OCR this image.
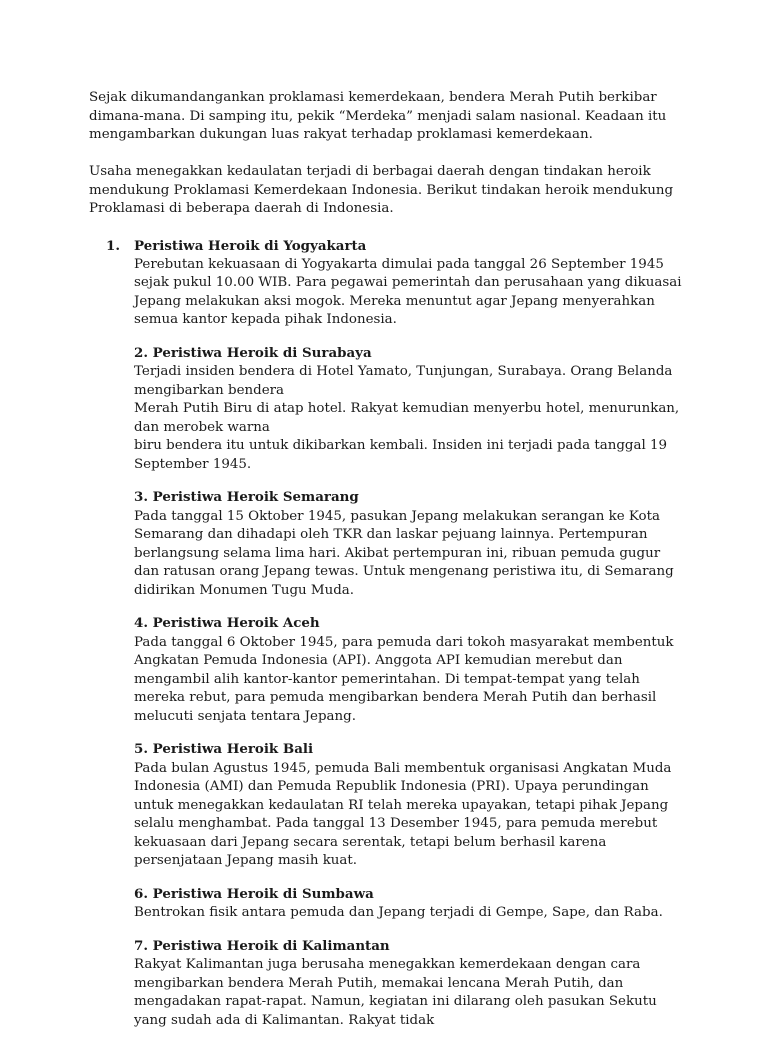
Sejak dikumandangankan proklamasi kemerdekaan, bendera Merah Putih berkibar dimana-mana. Di samping itu, pekik “Merdeka” menjadi salam nasional. Keadaan itu mengambarkan dukungan luas rakyat terhadap proklamasi kemerdekaan.

Usaha menegakkan kedaulatan terjadi di berbagai daerah dengan tindakan heroik mendukung Proklamasi Kemerdekaan Indonesia. Berikut tindakan heroik mendukung Proklamasi di beberapa daerah di Indonesia.

1. Peristiwa Heroik di Yogyakarta
Perebutan kekuasaan di Yogyakarta dimulai pada tanggal 26 September 1945 sejak pukul 10.00 WIB. Para pegawai pemerintah dan perusahaan yang dikuasai Jepang melakukan aksi mogok. Mereka menuntut agar Jepang menyerahkan semua kantor kepada pihak Indonesia.
2. Peristiwa Heroik di Surabaya
Terjadi insiden bendera di Hotel Yamato, Tunjungan, Surabaya. Orang Belanda mengibarkan bendera
Merah Putih Biru di atap hotel. Rakyat kemudian menyerbu hotel, menurunkan, dan merobek warna
biru bendera itu untuk dikibarkan kembali. Insiden ini terjadi pada tanggal 19 September 1945.
3. Peristiwa Heroik Semarang
Pada tanggal 15 Oktober 1945, pasukan Jepang melakukan serangan ke Kota Semarang dan dihadapi oleh TKR dan laskar pejuang lainnya. Pertempuran berlangsung selama lima hari. Akibat pertempuran ini, ribuan pemuda gugur dan ratusan orang Jepang tewas. Untuk mengenang peristiwa itu, di Semarang didirikan Monumen Tugu Muda.
4. Peristiwa Heroik Aceh
Pada tanggal 6 Oktober 1945, para pemuda dari tokoh masyarakat membentuk Angkatan Pemuda Indonesia (API). Anggota API kemudian merebut dan mengambil alih kantor-kantor pemerintahan. Di tempat-tempat yang telah mereka rebut, para pemuda mengibarkan bendera Merah Putih dan berhasil melucuti senjata tentara Jepang.
5. Peristiwa Heroik Bali
Pada bulan Agustus 1945, pemuda Bali membentuk organisasi Angkatan Muda Indonesia (AMI) dan Pemuda Republik Indonesia (PRI). Upaya perundingan untuk menegakkan kedaulatan RI telah mereka upayakan, tetapi pihak Jepang selalu menghambat. Pada tanggal 13 Desember 1945, para pemuda merebut kekuasaan dari Jepang secara serentak, tetapi belum berhasil karena persenjataan Jepang masih kuat.
6. Peristiwa Heroik di Sumbawa
Bentrokan fisik antara pemuda dan Jepang terjadi di Gempe, Sape, dan Raba.
7. Peristiwa Heroik di Kalimantan
Rakyat Kalimantan juga berusaha menegakkan kemerdekaan dengan cara mengibarkan bendera Merah Putih, memakai lencana Merah Putih, dan mengadakan rapat-rapat. Namun, kegiatan ini dilarang oleh pasukan Sekutu yang sudah ada di Kalimantan. Rakyat tidak
